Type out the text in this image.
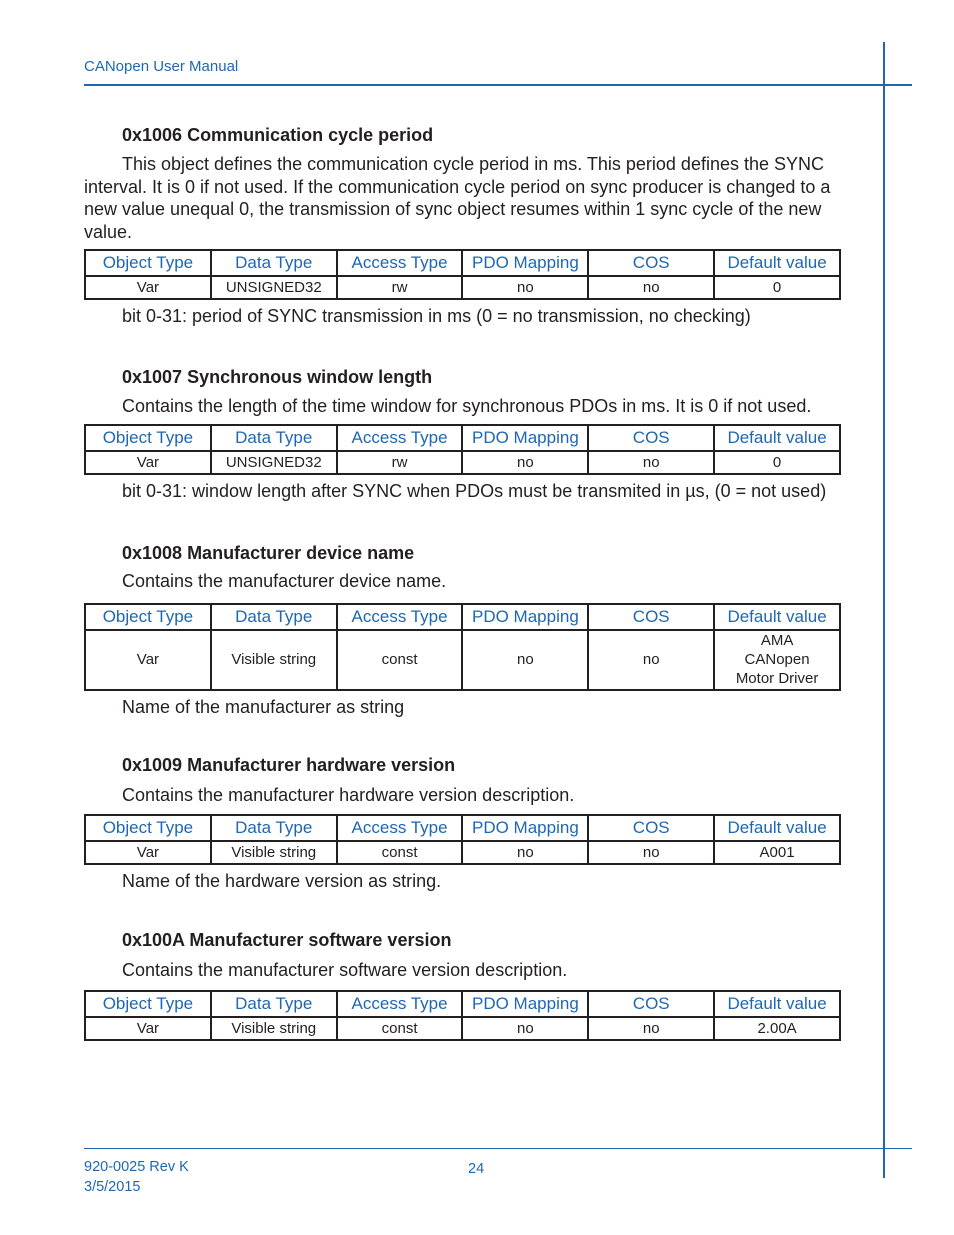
CANopen User Manual
0x1006 Communication cycle period

This object defines the communication cycle period in ms. This period defines the SYNC interval. It is 0 if not used. If the communication cycle period on sync producer is changed to a new value unequal 0, the transmission of sync object resumes within 1 sync cycle of the new value.

Object Type	Data Type	Access Type	PDO Mapping	COS	Default value
Var	UNSIGNED32	rw	no	no	0
bit 0-31: period of SYNC transmission in ms (0 = no transmission, no checking)
0x1007 Synchronous window length

Contains the length of the time window for synchronous PDOs in ms. It is 0 if not used.

Object Type	Data Type	Access Type	PDO Mapping	COS	Default value
Var	UNSIGNED32	rw	no	no	0
bit 0-31: window length after SYNC when PDOs must be transmited in µs, (0 = not used)
0x1008 Manufacturer device name

Contains the manufacturer device name.

Object Type	Data Type	Access Type	PDO Mapping	COS	Default value
Var	Visible string	const	no	no	AMA
CANopen
Motor Driver
Name of the manufacturer as string
0x1009 Manufacturer hardware version

Contains the manufacturer hardware version description.

Object Type	Data Type	Access Type	PDO Mapping	COS	Default value
Var	Visible string	const	no	no	A001
Name of the hardware version as string.
0x100A Manufacturer software version

Contains the manufacturer software version description.

Object Type	Data Type	Access Type	PDO Mapping	COS	Default value
Var	Visible string	const	no	no	2.00A
920-0025 Rev K
3/5/2015
24
